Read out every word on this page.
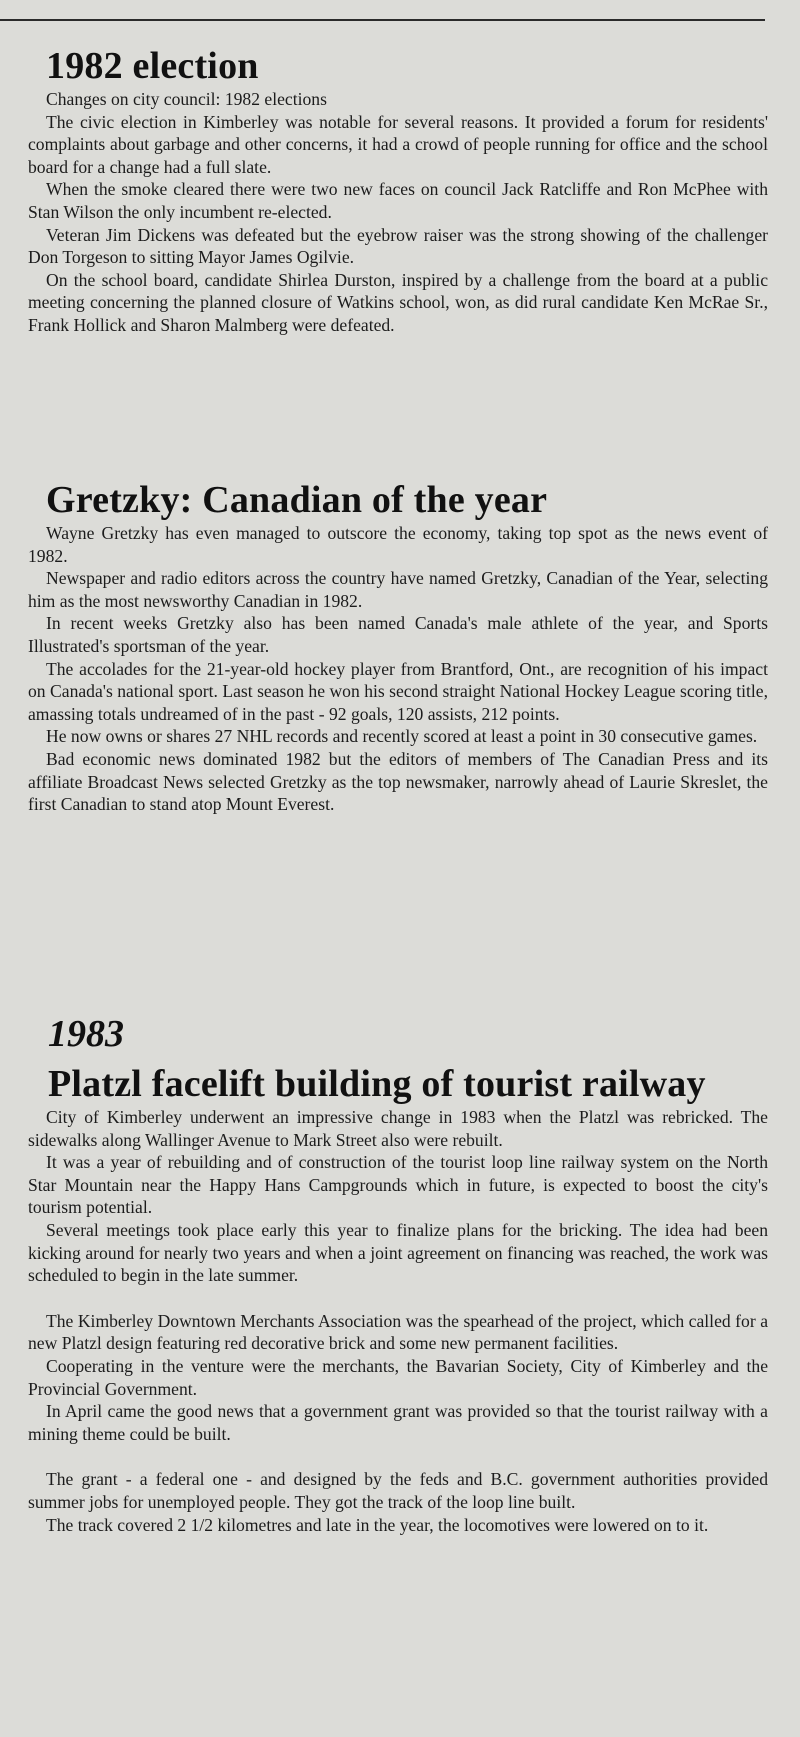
1982 election

Changes on city council: 1982 elections

The civic election in Kimberley was notable for several reasons. It provided a forum for residents' complaints about garbage and other concerns, it had a crowd of people running for office and the school board for a change had a full slate.

When the smoke cleared there were two new faces on council Jack Ratcliffe and Ron McPhee with Stan Wilson the only incumbent re-elected.

Veteran Jim Dickens was defeated but the eyebrow raiser was the strong showing of the challenger Don Torgeson to sitting Mayor James Ogilvie.

On the school board, candidate Shirlea Durston, inspired by a challenge from the board at a public meeting concerning the planned closure of Watkins school, won, as did rural candidate Ken McRae Sr., Frank Hollick and Sharon Malmberg were defeated.

Gretzky: Canadian of the year

Wayne Gretzky has even managed to outscore the economy, taking top spot as the news event of 1982.

Newspaper and radio editors across the country have named Gretzky, Canadian of the Year, selecting him as the most newsworthy Canadian in 1982.

In recent weeks Gretzky also has been named Canada's male athlete of the year, and Sports Illustrated's sportsman of the year.

The accolades for the 21-year-old hockey player from Brantford, Ont., are recognition of his impact on Canada's national sport. Last season he won his second straight National Hockey League scoring title, amassing totals undreamed of in the past - 92 goals, 120 assists, 212 points.

He now owns or shares 27 NHL records and recently scored at least a point in 30 consecutive games.

Bad economic news dominated 1982 but the editors of members of The Canadian Press and its affiliate Broadcast News selected Gretzky as the top newsmaker, narrowly ahead of Laurie Skreslet, the first Canadian to stand atop Mount Everest.

1983
Platzl facelift building of tourist railway

City of Kimberley underwent an impressive change in 1983 when the Platzl was rebricked. The sidewalks along Wallinger Avenue to Mark Street also were rebuilt.

It was a year of rebuilding and of construction of the tourist loop line railway system on the North Star Mountain near the Happy Hans Campgrounds which in future, is expected to boost the city's tourism potential.

Several meetings took place early this year to finalize plans for the bricking. The idea had been kicking around for nearly two years and when a joint agreement on financing was reached, the work was scheduled to begin in the late summer.

The Kimberley Downtown Merchants Association was the spearhead of the project, which called for a new Platzl design featuring red decorative brick and some new permanent facilities.

Cooperating in the venture were the merchants, the Bavarian Society, City of Kimberley and the Provincial Government.

In April came the good news that a government grant was provided so that the tourist railway with a mining theme could be built.

The grant - a federal one - and designed by the feds and B.C. government authorities provided summer jobs for unemployed people. They got the track of the loop line built.

The track covered 2 1/2 kilometres and late in the year, the locomotives were lowered on to it.
